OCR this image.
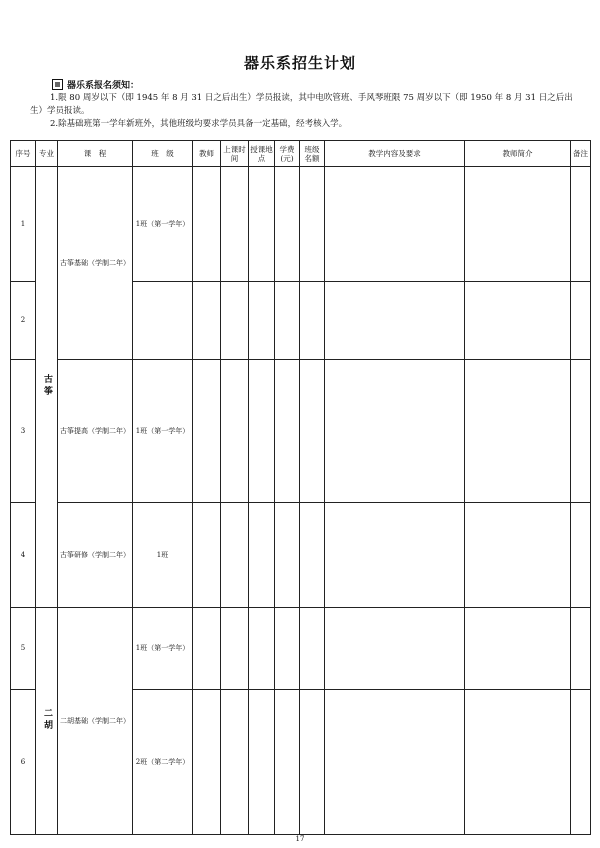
器乐系招生计划
器乐系报名须知：
1.限 80 周岁以下（即 1945 年 8 月 31 日之后出生）学员报读，其中电吹管班、手风琴班限 75 周岁以下（即 1950 年 8 月 31 日之后出生）学员报读。
2.除基础班第一学年新班外，其他班级均要求学员具备一定基础，经考核入学。
序号	专业	课　程	班　级	教师	上课时间	授课地点	学费(元)	班级名额	教学内容及要求	教师简介	备注
1	古筝	古筝基础（学制二年）	1班（第一学年）								
2											
3		古筝提高（学制二年）	1班（第一学年）								
4		古筝研修（学制二年）	1班								
5	二胡	二胡基础（学制二年）	1班（第一学年）								
6			2班（第二学年）								
17
